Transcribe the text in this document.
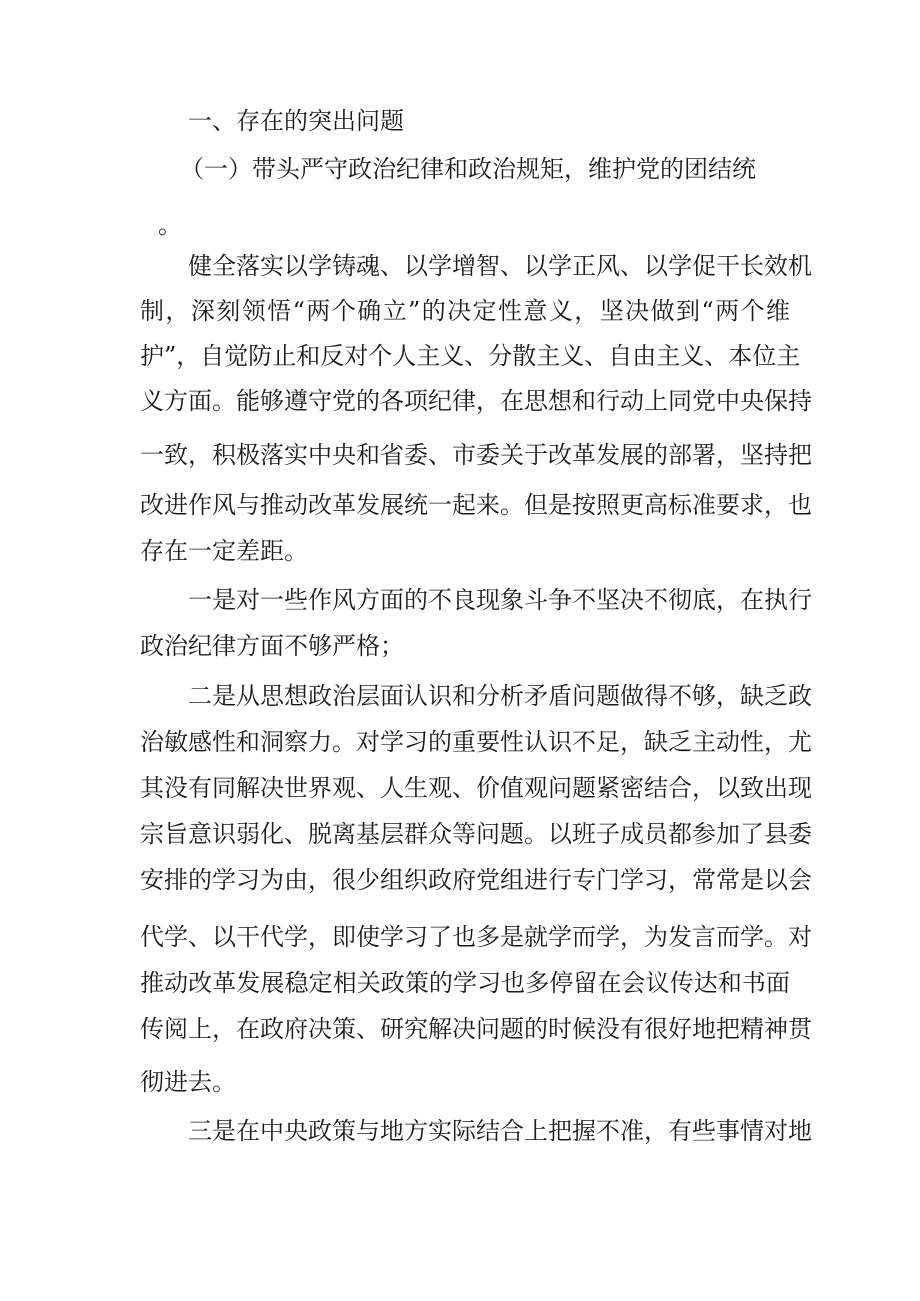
一、存在的突出问题
（一）带头严守政治纪律和政治规矩，维护党的团结统
。
健全落实以学铸魂、以学增智、以学正风、以学促干长效机
制，深刻领悟“两个确立”的决定性意义，坚决做到“两个维
护”，自觉防止和反对个人主义、分散主义、自由主义、本位主
义方面。能够遵守党的各项纪律，在思想和行动上同党中央保持
一致，积极落实中央和省委、市委关于改革发展的部署，坚持把
改进作风与推动改革发展统一起来。但是按照更高标准要求，也
存在一定差距。
一是对一些作风方面的不良现象斗争不坚决不彻底，在执行
政治纪律方面不够严格；
二是从思想政治层面认识和分析矛盾问题做得不够，缺乏政
治敏感性和洞察力。对学习的重要性认识不足，缺乏主动性，尤
其没有同解决世界观、人生观、价值观问题紧密结合，以致出现
宗旨意识弱化、脱离基层群众等问题。以班子成员都参加了县委
安排的学习为由，很少组织政府党组进行专门学习，常常是以会
代学、以干代学，即使学习了也多是就学而学，为发言而学。对
推动改革发展稳定相关政策的学习也多停留在会议传达和书面
传阅上，在政府决策、研究解决问题的时候没有很好地把精神贯
彻进去。
三是在中央政策与地方实际结合上把握不准，有些事情对地
